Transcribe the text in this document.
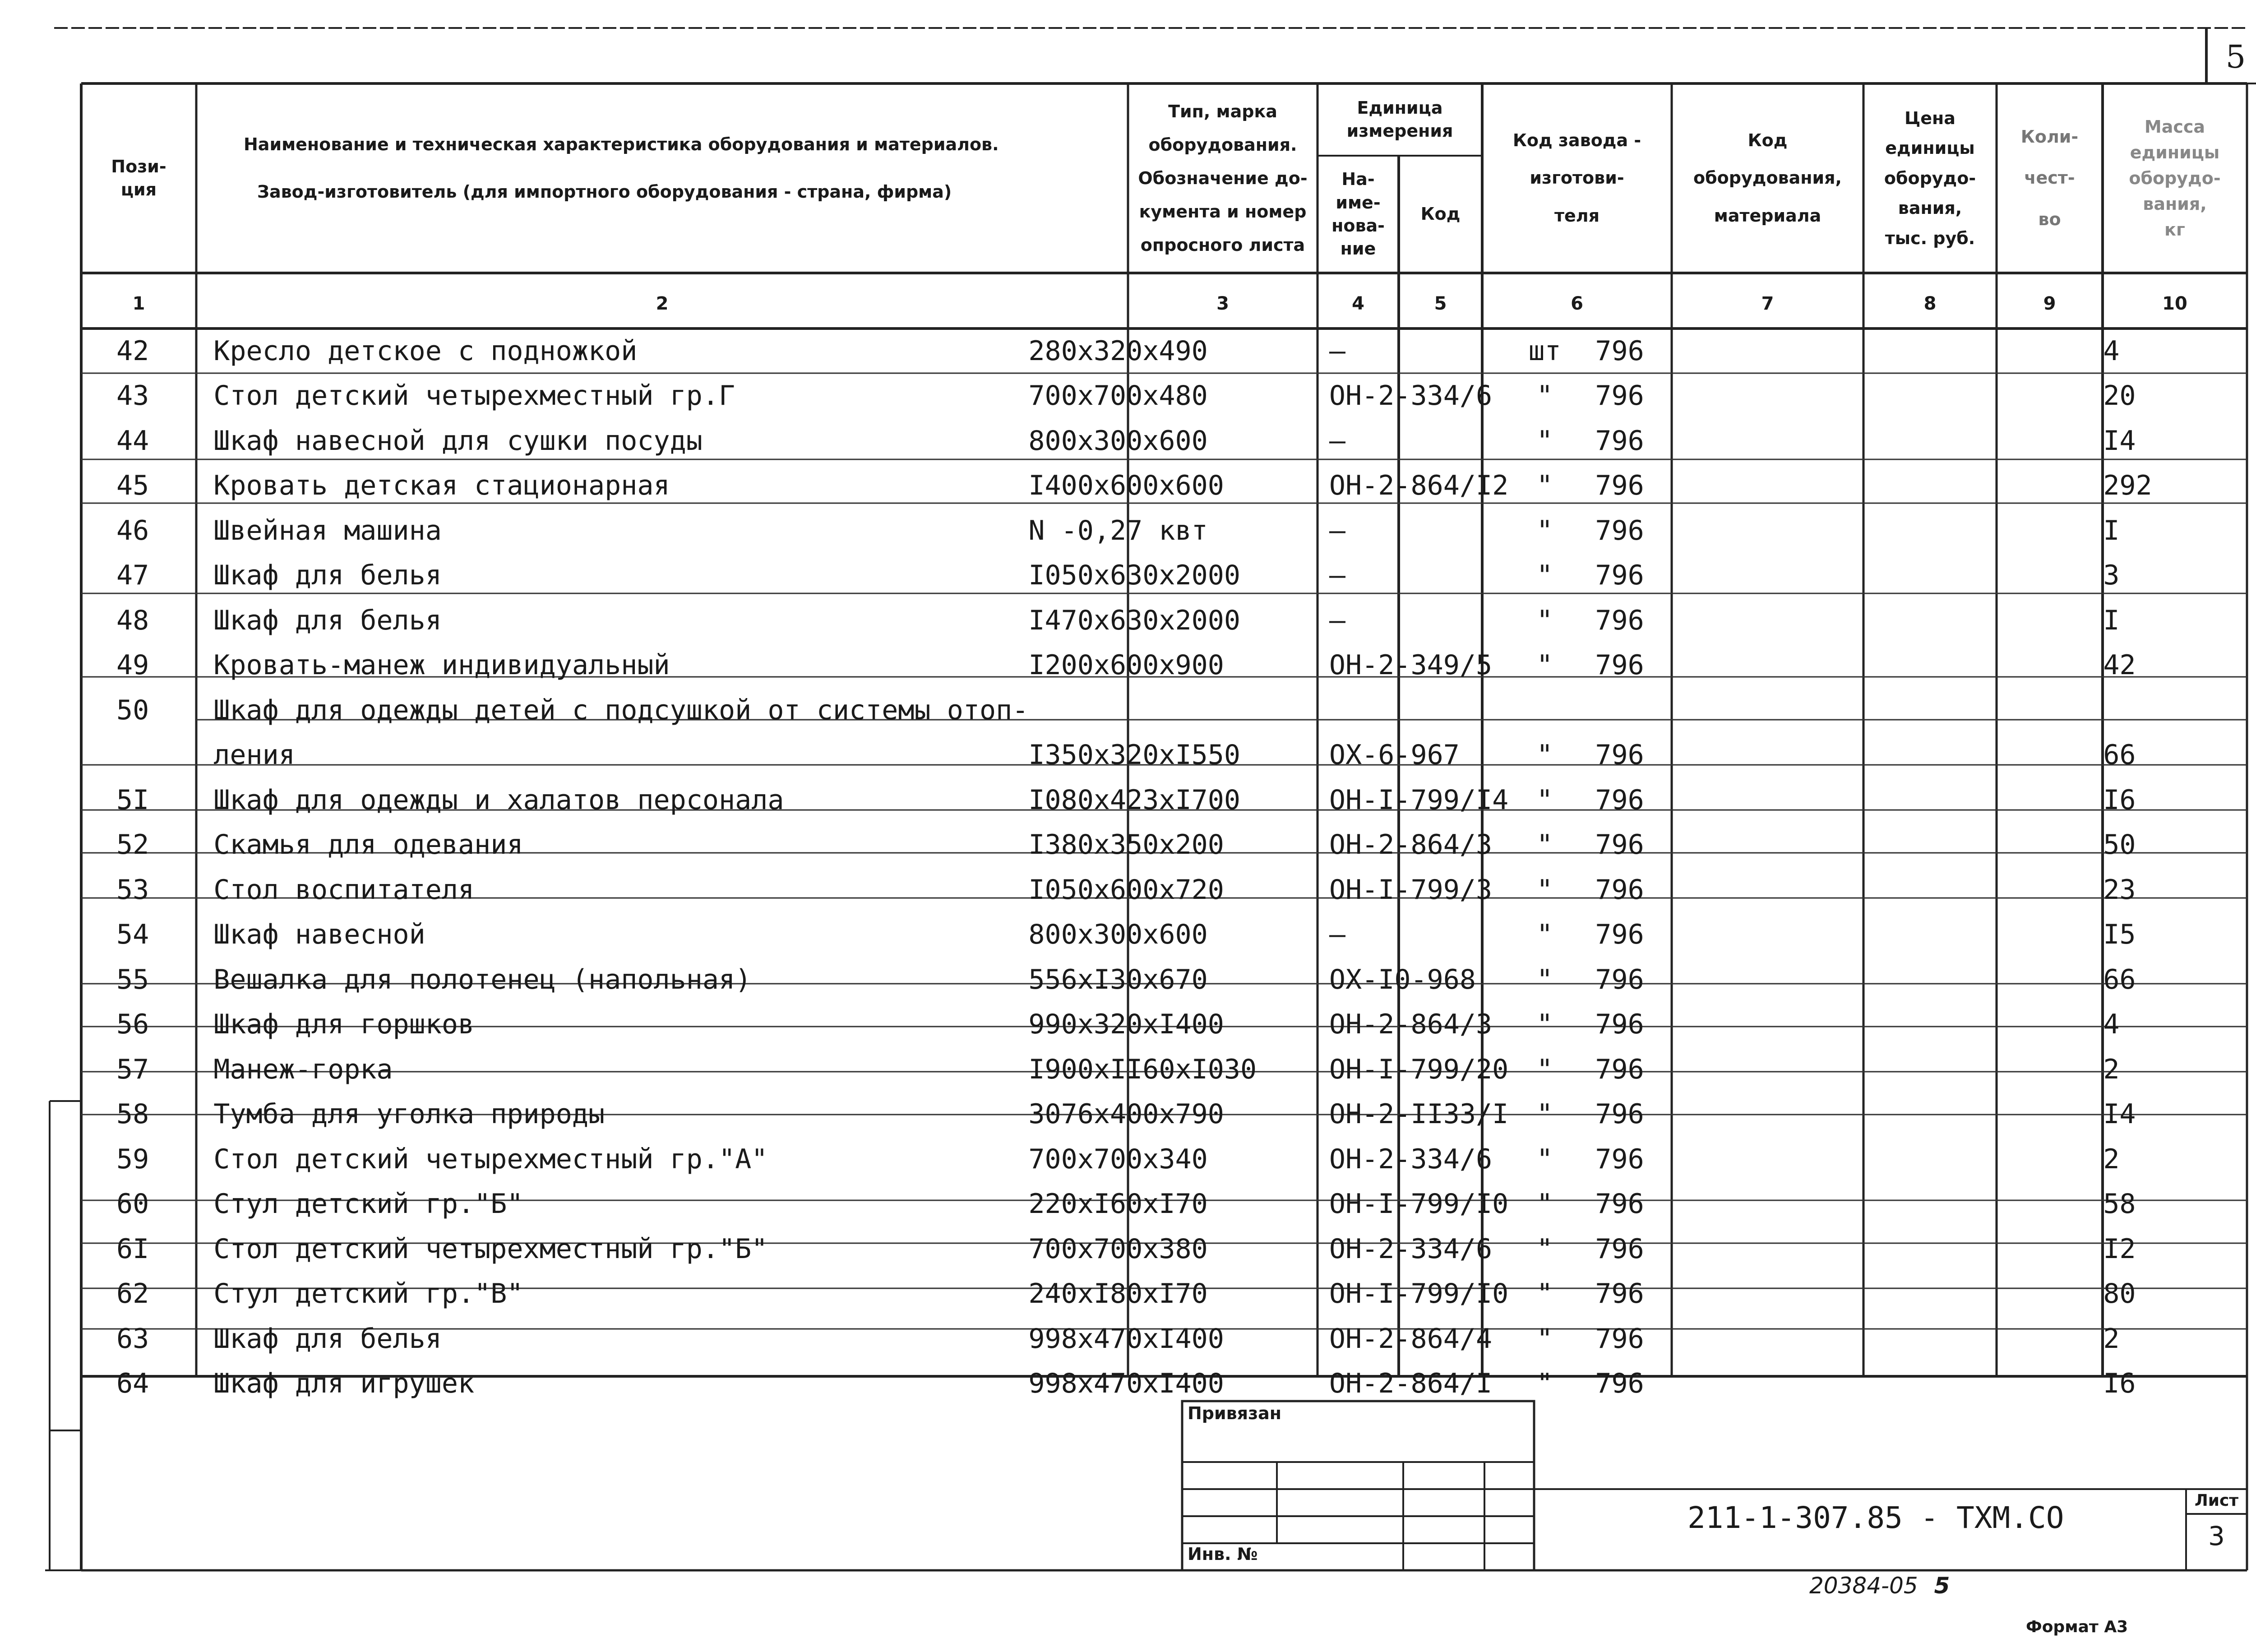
5
Пози-
ция
Наименование и техническая характеристика оборудования и материалов.
Завод-изготовитель (для импортного оборудования - страна, фирма)
Тип, марка
оборудования.
Обозначение до-
кумента и номер
опросного листа
Единица
измерения
На-
име-
нова-
ние
Код
Код завода -
изготови-
теля
Код
оборудования,
материала
Цена
единицы
оборудо-
вания,
тыс. руб.
Коли-
чест-
во
Масса
единицы
оборудо-
вания,
кг
1	2	3	4	5	6	7	8	9	10
42	Кресло детское с подножкой	280x320x490	–	шт	796				4	
43	Стол детский четырехместный гр.Г	700x700x480	ОН-2-334/6	"	796				20	
44	Шкаф навесной для сушки посуды	800x300x600	–	"	796				I4	
45	Кровать детская стационарная	I400x600x600	ОН-2-864/I2	"	796				292	
46	Швейная машина	N -0,27 квт	–	"	796				I	
47	Шкаф для белья	I050x630x2000	–	"	796				3	
48	Шкаф для белья	I470x630x2000	–	"	796				I	
49	Кровать-манеж индивидуальный	I200x600x900	ОН-2-349/5	"	796				42	
50	Шкаф для одежды детей с подсушкой от системы отоп-									
	ления	I350x320xI550	ОХ-6-967	"	796				66	
5I	Шкаф для одежды и халатов персонала	I080x423xI700	ОН-I-799/I4	"	796				I6	
52	Скамья для одевания	I380x350x200	ОН-2-864/3	"	796				50	
53	Стол воспитателя	I050x600x720	ОН-I-799/3	"	796				23	
54	Шкаф навесной	800x300x600	–	"	796				I5	
55	Вешалка для полотенец (напольная)	556xI30x670	ОХ-I0-968	"	796				66	
56	Шкаф для горшков	990x320xI400	ОН-2-864/3	"	796				4	
57	Манеж-горка	I900xII60xI030	ОН-I-799/20	"	796				2	
58	Тумба для уголка природы	3076x400x790	ОН-2-II33/I	"	796				I4	
59	Стол детский четырехместный гр."А"	700x700x340	ОН-2-334/6	"	796				2	
60	Стул детский гр."Б"	220xI60xI70	ОН-I-799/I0	"	796				58	
6I	Стол детский четырехместный гр."Б"	700x700x380	ОН-2-334/6	"	796				I2	
62	Стул детский гр."В"	240xI80xI70	ОН-I-799/I0	"	796				80	
63	Шкаф для белья	998x470xI400	ОН-2-864/4	"	796				2	
64	Шкаф для игрушек	998x470xI400	ОН-2-864/I	"	796				I6	
Привязан
Инв. №
211-1-307.85 - ТХМ.СО	Лист
3
20384-05 5
Формат А3
